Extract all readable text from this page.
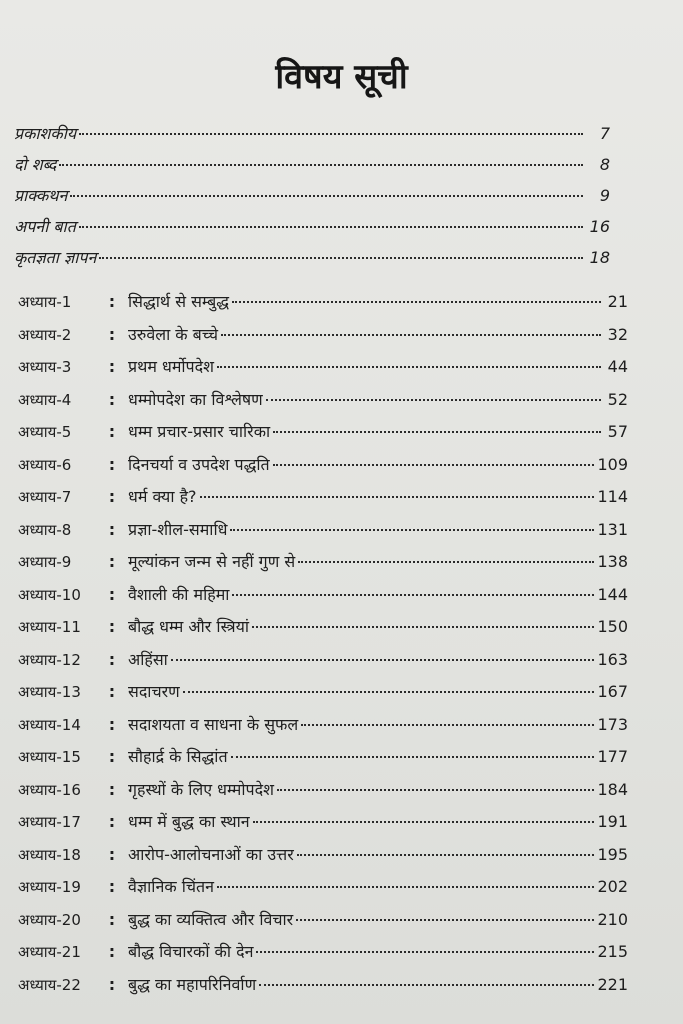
विषय सूची
प्रकाशकीय	7
दो शब्द	8
प्राक्कथन	9
अपनी बात	16
कृतज्ञता ज्ञापन	18
अध्याय-1	: सिद्धार्थ से सम्बुद्ध	21
अध्याय-2	: उरुवेला के बच्चे	32
अध्याय-3	: प्रथम धर्मोपदेश	44
अध्याय-4	: धम्मोपदेश का विश्लेषण	52
अध्याय-5	: धम्म प्रचार-प्रसार चारिका	57
अध्याय-6	: दिनचर्या व उपदेश पद्धति	109
अध्याय-7	: धर्म क्या है?	114
अध्याय-8	: प्रज्ञा-शील-समाधि	131
अध्याय-9	: मूल्यांकन जन्म से नहीं गुण से	138
अध्याय-10	: वैशाली की महिमा	144
अध्याय-11	: बौद्ध धम्म और स्त्रियां	150
अध्याय-12	: अहिंसा	163
अध्याय-13	: सदाचरण	167
अध्याय-14	: सदाशयता व साधना के सुफल	173
अध्याय-15	: सौहार्द्र के सिद्धांत	177
अध्याय-16	: गृहस्थों के लिए धम्मोपदेश	184
अध्याय-17	: धम्म में बुद्ध का स्थान	191
अध्याय-18	: आरोप-आलोचनाओं का उत्तर	195
अध्याय-19	: वैज्ञानिक चिंतन	202
अध्याय-20	: बुद्ध का व्यक्तित्व और विचार	210
अध्याय-21	: बौद्ध विचारकों की देन	215
अध्याय-22	: बुद्ध का महापरिनिर्वाण	221
